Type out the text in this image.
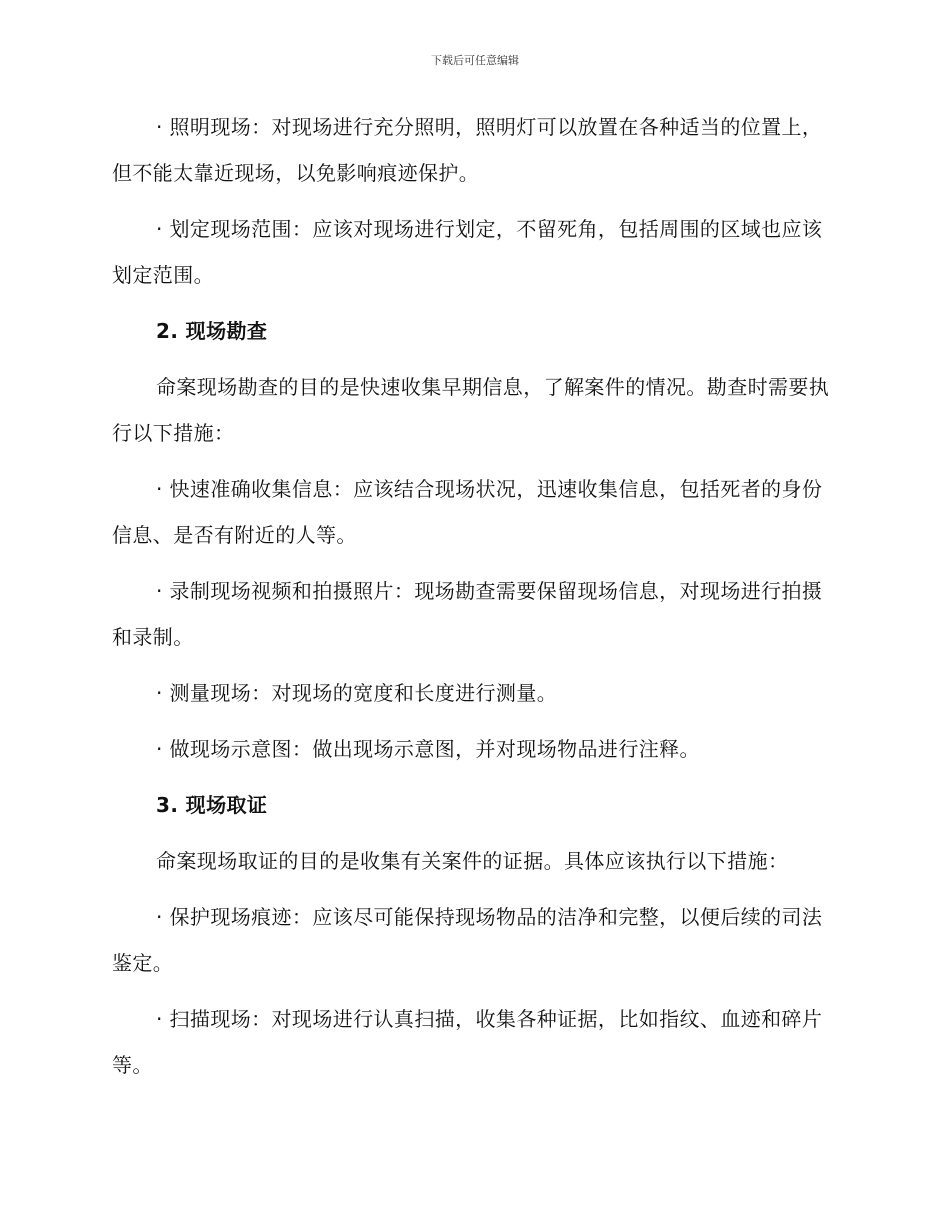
下载后可任意编辑

· 照明现场：对现场进行充分照明，照明灯可以放置在各种适当的位置上，但不能太靠近现场，以免影响痕迹保护。

· 划定现场范围：应该对现场进行划定，不留死角，包括周围的区域也应该划定范围。

2. 现场勘查

命案现场勘查的目的是快速收集早期信息，了解案件的情况。勘查时需要执行以下措施：

· 快速准确收集信息：应该结合现场状况，迅速收集信息，包括死者的身份信息、是否有附近的人等。

· 录制现场视频和拍摄照片：现场勘查需要保留现场信息，对现场进行拍摄和录制。

· 测量现场：对现场的宽度和长度进行测量。

· 做现场示意图：做出现场示意图，并对现场物品进行注释。

3. 现场取证

命案现场取证的目的是收集有关案件的证据。具体应该执行以下措施：

· 保护现场痕迹：应该尽可能保持现场物品的洁净和完整，以便后续的司法鉴定。

· 扫描现场：对现场进行认真扫描，收集各种证据，比如指纹、血迹和碎片等。
